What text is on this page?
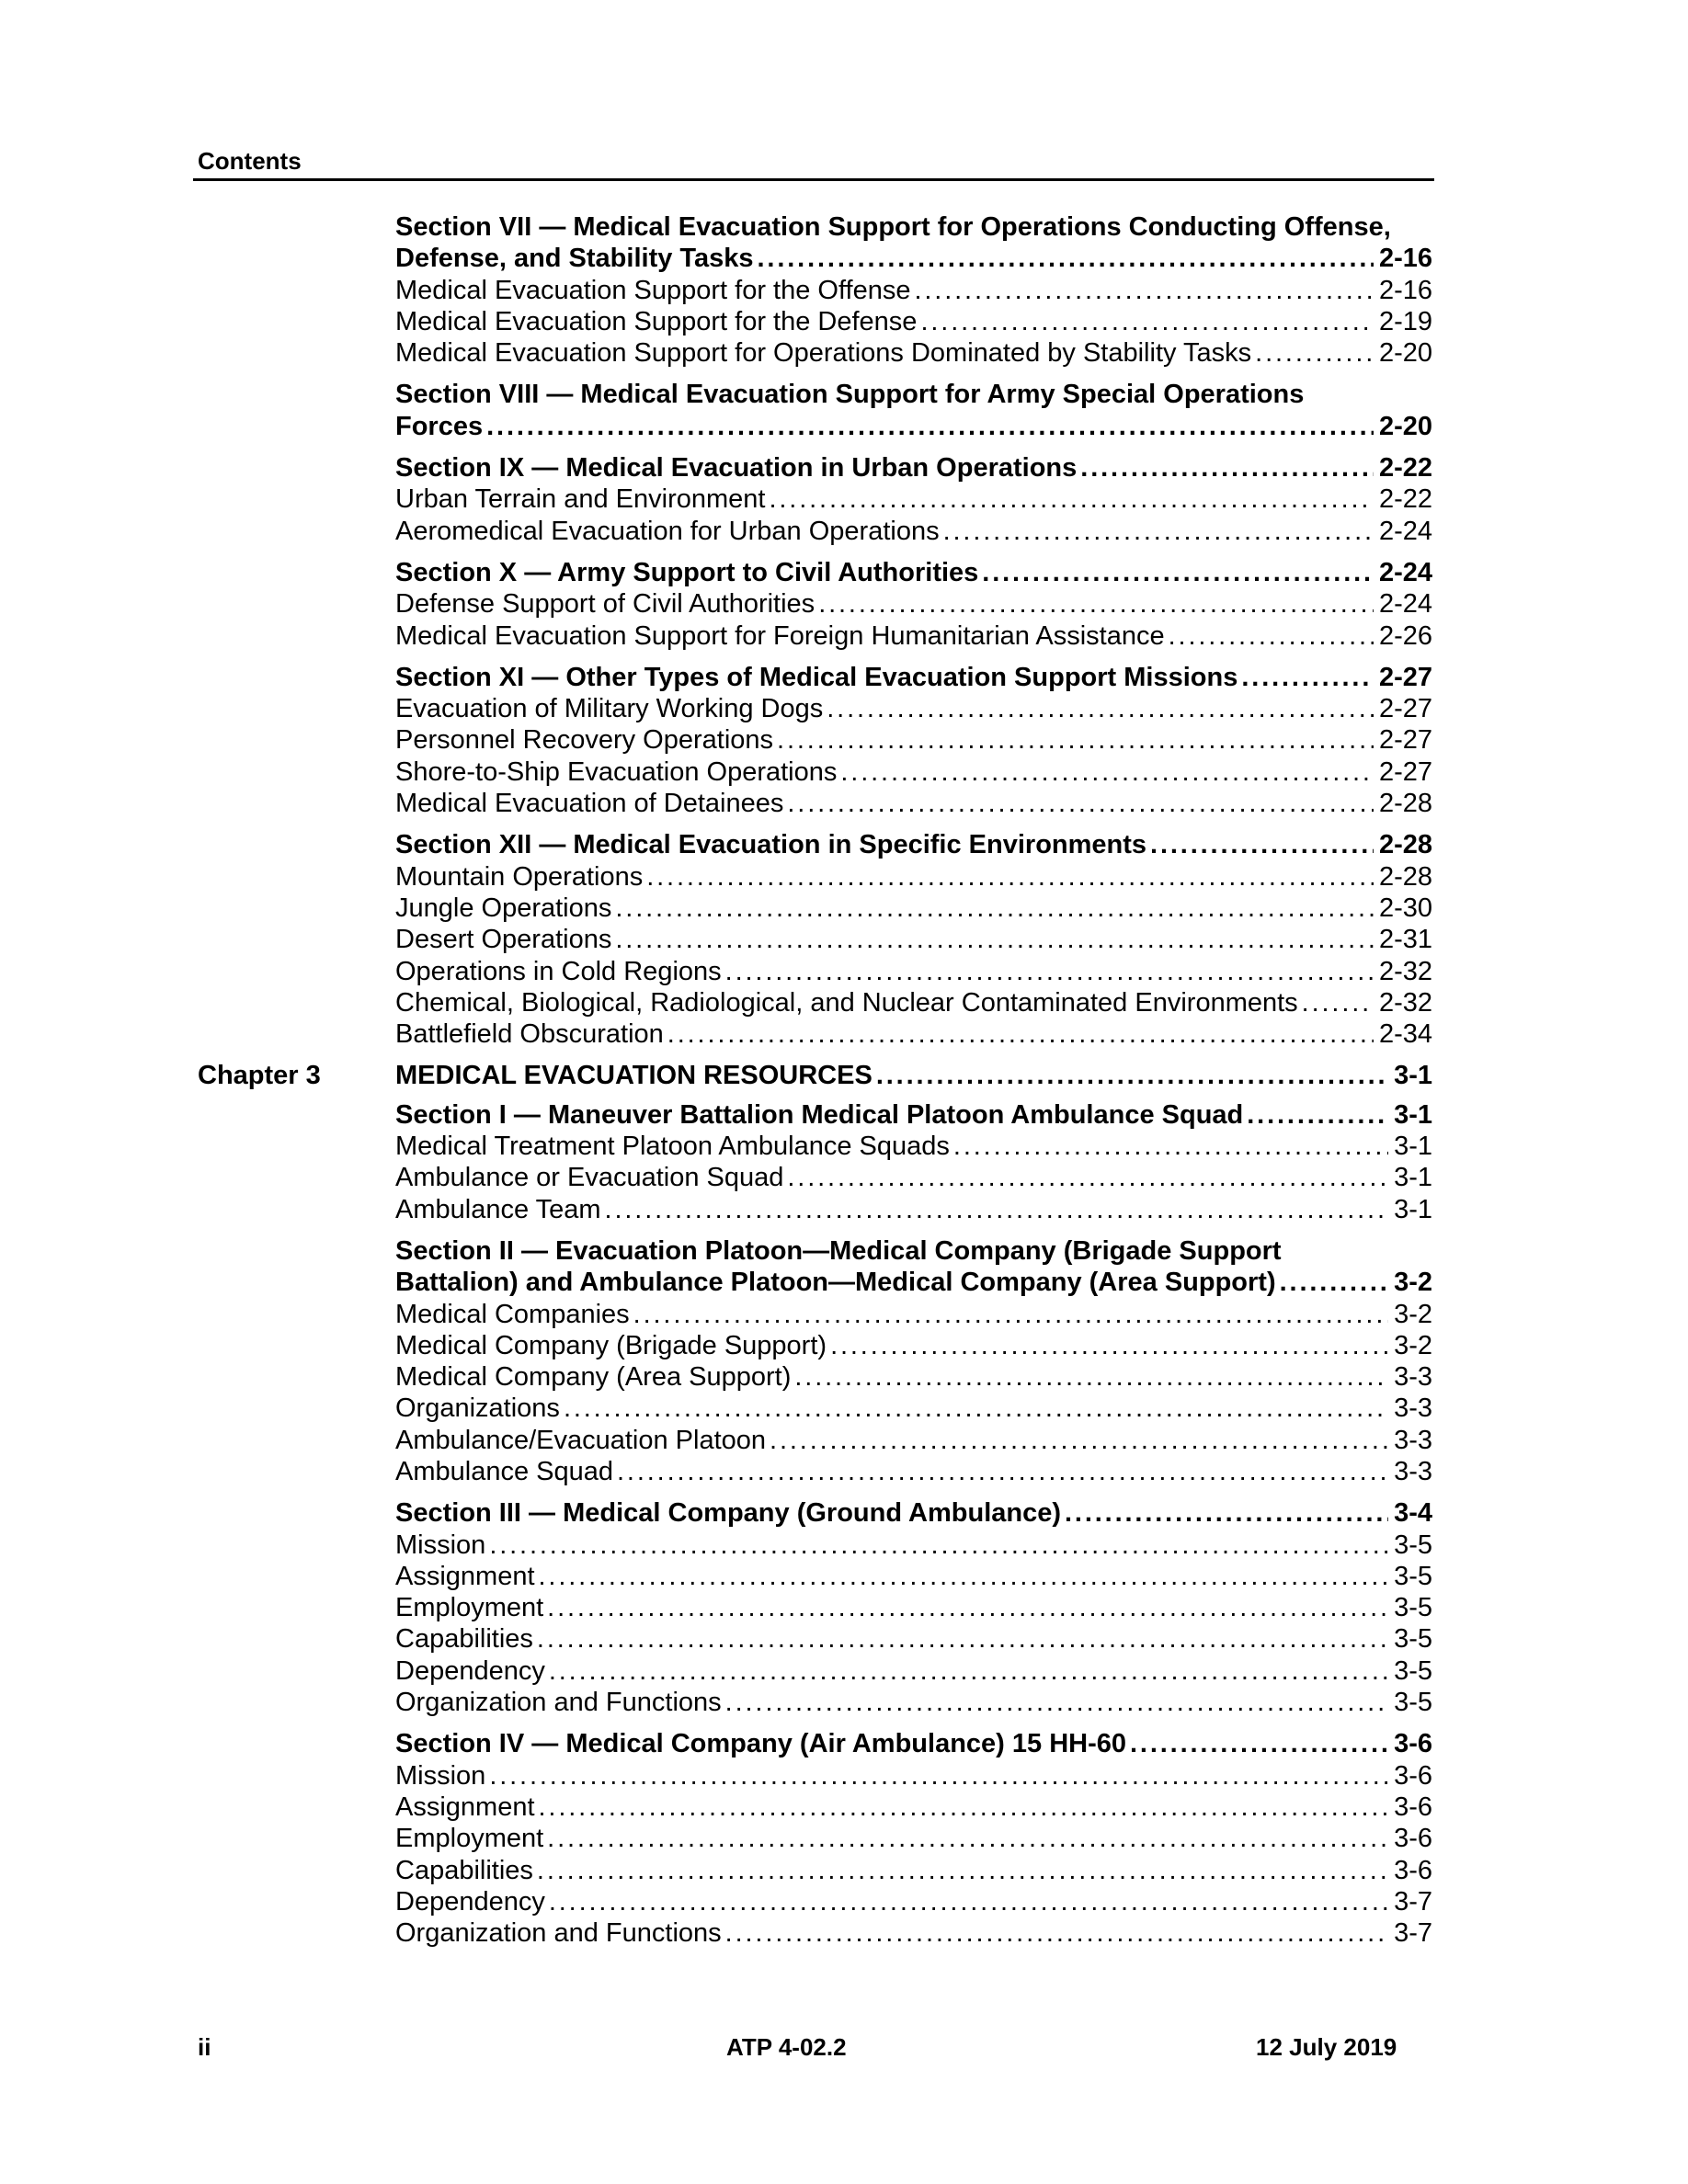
Contents
Section VII — Medical Evacuation Support for Operations Conducting Offense,
Defense, and Stability Tasks . . .	2-16
Medical Evacuation Support for the Offense . . .	2-16
Medical Evacuation Support for the Defense . . .	2-19
Medical Evacuation Support for Operations Dominated by Stability Tasks . . .	2-20
Section VIII — Medical Evacuation Support for Army Special Operations
Forces . . .	2-20
Section IX — Medical Evacuation in Urban Operations . . .	2-22
Urban Terrain and Environment . . .	2-22
Aeromedical Evacuation for Urban Operations . . .	2-24
Section X — Army Support to Civil Authorities . . .	2-24
Defense Support of Civil Authorities . . .	2-24
Medical Evacuation Support for Foreign Humanitarian Assistance . . .	2-26
Section XI — Other Types of Medical Evacuation Support Missions . . .	2-27
Evacuation of Military Working Dogs . . .	2-27
Personnel Recovery Operations . . .	2-27
Shore-to-Ship Evacuation Operations . . .	2-27
Medical Evacuation of Detainees . . .	2-28
Section XII — Medical Evacuation in Specific Environments . . .	2-28
Mountain Operations . . .	2-28
Jungle Operations . . .	2-30
Desert Operations . . .	2-31
Operations in Cold Regions . . .	2-32
Chemical, Biological, Radiological, and Nuclear Contaminated Environments . . .	2-32
Battlefield Obscuration . . .	2-34
Chapter 3	MEDICAL EVACUATION RESOURCES . . .	3-1
Section I — Maneuver Battalion Medical Platoon Ambulance Squad . . .	3-1
Medical Treatment Platoon Ambulance Squads . . .	3-1
Ambulance or Evacuation Squad . . .	3-1
Ambulance Team . . .	3-1
Section II — Evacuation Platoon—Medical Company (Brigade Support
Battalion) and Ambulance Platoon—Medical Company (Area Support) . . .	3-2
Medical Companies . . .	3-2
Medical Company (Brigade Support) . . .	3-2
Medical Company (Area Support) . . .	3-3
Organizations . . .	3-3
Ambulance/Evacuation Platoon . . .	3-3
Ambulance Squad . . .	3-3
Section III — Medical Company (Ground Ambulance) . . .	3-4
Mission . . .	3-5
Assignment . . .	3-5
Employment . . .	3-5
Capabilities . . .	3-5
Dependency . . .	3-5
Organization and Functions . . .	3-5
Section IV — Medical Company (Air Ambulance) 15 HH-60 . . .	3-6
Mission . . .	3-6
Assignment . . .	3-6
Employment . . .	3-6
Capabilities . . .	3-6
Dependency . . .	3-7
Organization and Functions . . .	3-7
ii	ATP 4-02.2	12 July 2019
